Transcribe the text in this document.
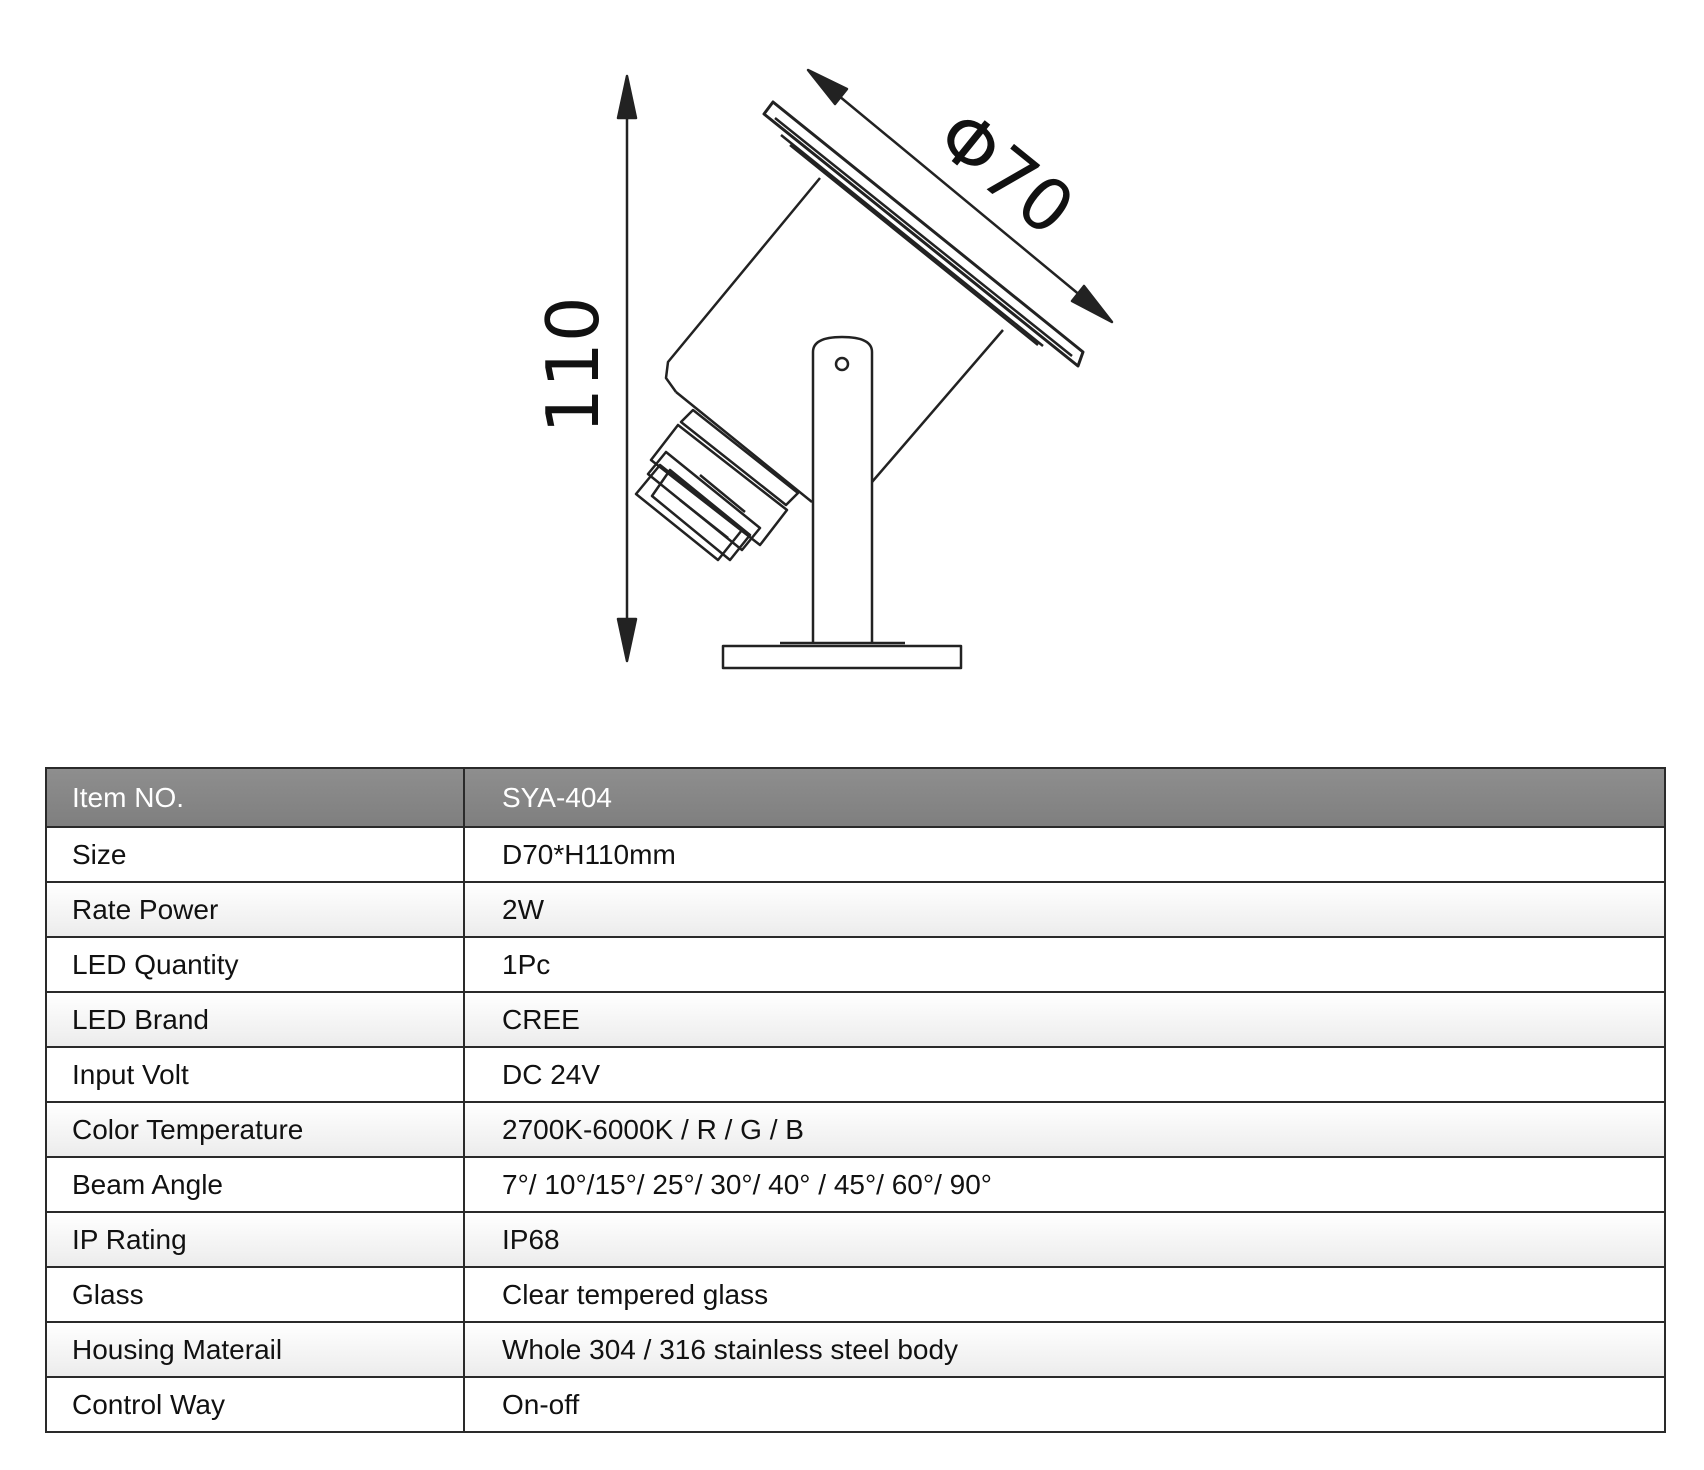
110
Φ70
Item NO.	SYA-404
Size	D70*H110mm
Rate Power	2W
LED Quantity	1Pc
LED Brand	CREE
Input Volt	DC 24V
Color Temperature	2700K-6000K / R / G / B
Beam Angle	7°/ 10°/15°/ 25°/ 30°/ 40° / 45°/ 60°/ 90°
IP Rating	IP68
Glass	Clear tempered glass
Housing Materail	Whole 304 / 316 stainless steel body
Control Way	On-off
